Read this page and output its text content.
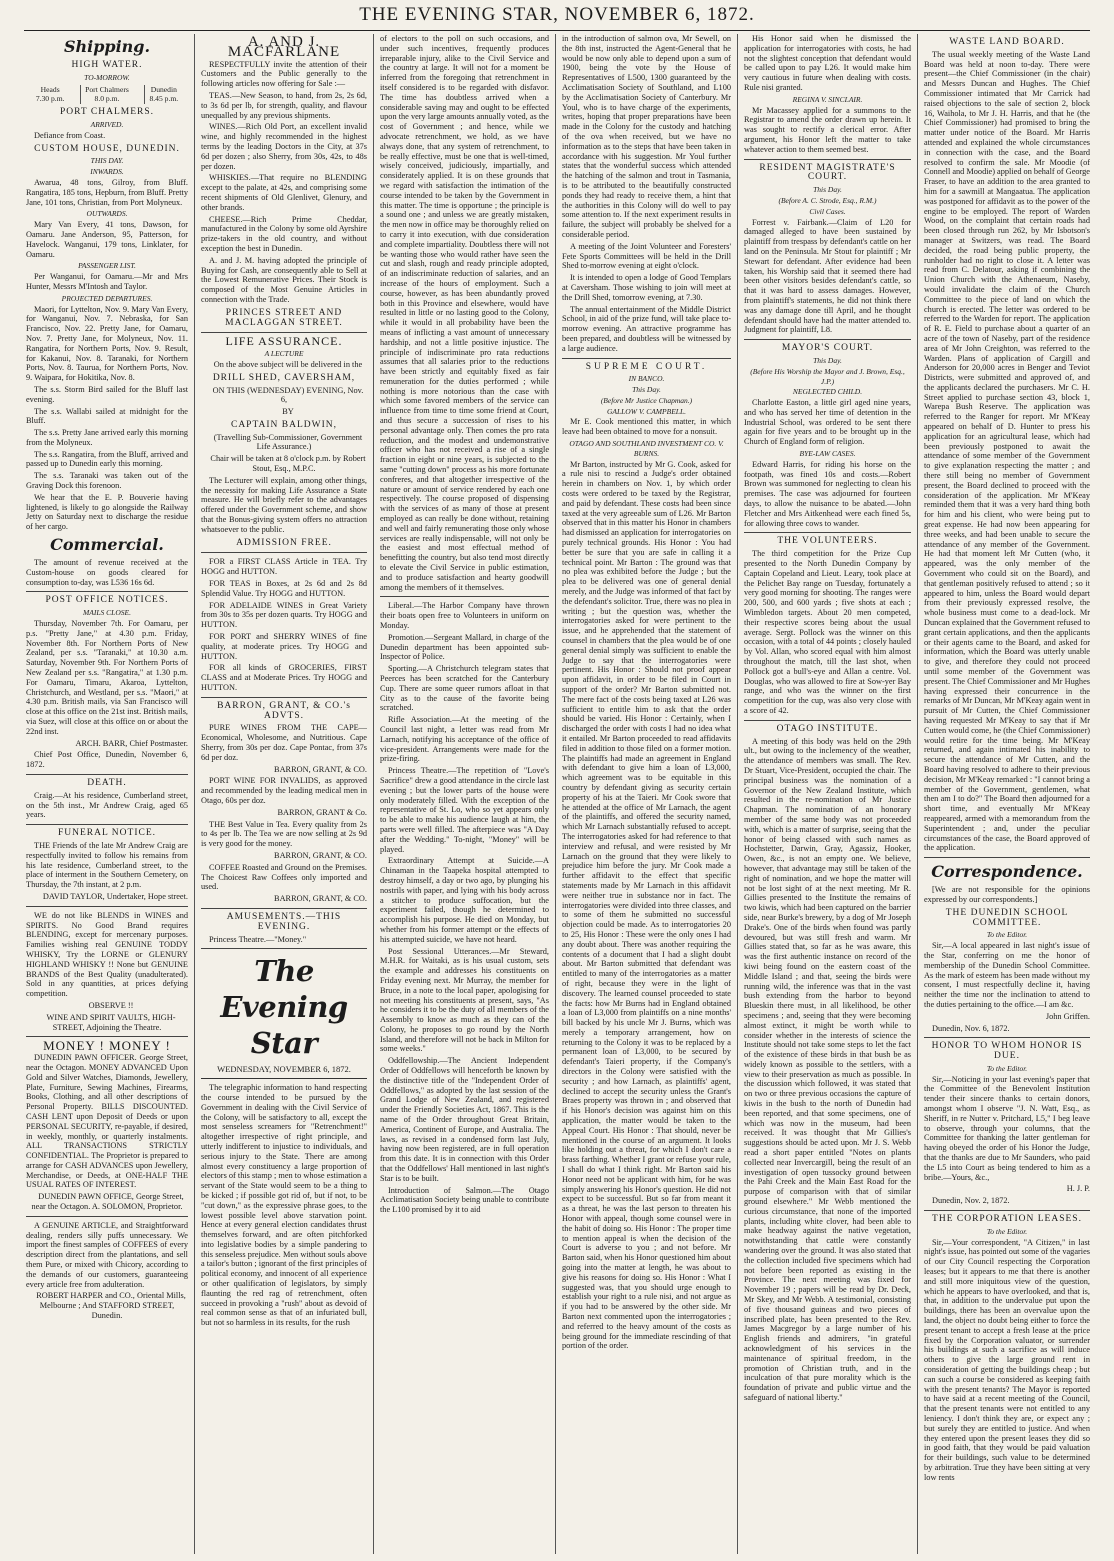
THE EVENING STAR, NOVEMBER 6, 1872.
Shipping.
HIGH WATER.
TO-MORROW.
Heads
7.30 p.m.
Port Chalmers
8.0 p.m.
Dunedin
8.45 p.m.
PORT CHALMERS.
ARRIVED.

Defiance from Coast.

CUSTOM HOUSE, DUNEDIN.
THIS DAY.
INWARDS.

Awarua, 48 tons, Gilroy, from Bluff. Rangatira, 185 tons, Hepburn, from Bluff. Pretty Jane, 101 tons, Christian, from Port Molyneux.

OUTWARDS.

Mary Van Every, 41 tons, Dawson, for Oamaru. Jane Anderson, 95, Patterson, for Havelock. Wanganui, 179 tons, Linklater, for Oamaru.

PASSENGER LIST.

Per Wanganui, for Oamaru.—Mr and Mrs Hunter, Messrs M'Intosh and Taylor.

PROJECTED DEPARTURES.

Maori, for Lyttelton, Nov. 9. Mary Van Every, for Wanganui, Nov. 7. Nebraska, for San Francisco, Nov. 22. Pretty Jane, for Oamaru, Nov. 7. Pretty Jane, for Molyneux, Nov. 11. Rangatira, for Northern Ports, Nov. 9. Result, for Kakanui, Nov. 8. Taranaki, for Northern Ports, Nov. 8. Taurua, for Northern Ports, Nov. 9. Waipara, for Hokitika, Nov. 8.

The s.s. Storm Bird sailed for the Bluff last evening.

The s.s. Wallabi sailed at midnight for the Bluff.

The s.s. Pretty Jane arrived early this morning from the Molyneux.

The s.s. Rangatira, from the Bluff, arrived and passed up to Dunedin early this morning.

The s.s. Taranaki was taken out of the Graving Dock this forenoon.

We hear that the E. P. Bouverie having lightened, is likely to go alongside the Railway Jetty on Saturday next to discharge the residue of her cargo.

Commercial.

The amount of revenue received at the Custom-house on goods cleared for consumption to-day, was L536 16s 6d.

POST OFFICE NOTICES.
MAILS CLOSE.

Thursday, November 7th. For Oamaru, per p.s. "Pretty Jane," at 4.30 p.m. Friday, November 8th. For Northern Ports of New Zealand, per s.s. "Taranaki," at 10.30 a.m. Saturday, November 9th. For Northern Ports of New Zealand per s.s. "Rangatira," at 1.30 p.m. For Oamaru, Timaru, Akaroa, Lyttelton, Christchurch, and Westland, per s.s. "Maori," at 4.30 p.m. British mails, via San Francisco will close at this office on the 21st inst. British mails, via Suez, will close at this office on or about the 22nd inst.

ARCH. BARR, Chief Postmaster.

Chief Post Office, Dunedin, November 6, 1872.

DEATH.

Craig.—At his residence, Cumberland street, on the 5th inst., Mr Andrew Craig, aged 65 years.

FUNERAL NOTICE.

THE Friends of the late Mr Andrew Craig are respectfully invited to follow his remains from his late residence, Cumberland street, to the place of interment in the Southern Cemetery, on Thursday, the 7th instant, at 2 p.m.

DAVID TAYLOR, Undertaker, Hope street.

WE do not like BLENDS in WINES and SPIRITS. No Good Brand requires BLENDING, except for mercenary purposes. Families wishing real GENUINE TODDY WHISKY, Try the LORNE or GLENURY HIGHLAND WHISKY !! None but GENUINE BRANDS of the Best Quality (unadulterated). Sold in any quantities, at prices defying competition.

OBSERVE !!

WINE AND SPIRIT VAULTS, HIGH-STREET, Adjoining the Theatre.

MONEY ! MONEY !

DUNEDIN PAWN OFFICER. George Street, near the Octagon. MONEY ADVANCED Upon Gold and Silver Watches, Diamonds, Jewellery, Plate, Furniture, Sewing Machines, Firearms, Books, Clothing, and all other descriptions of Personal Property. BILLS DISCOUNTED. CASH LENT upon Deposit of Deeds or upon PERSONAL SECURITY, re-payable, if desired, in weekly, monthly, or quarterly instalments. ALL TRANSACTIONS STRICTLY CONFIDENTIAL. The Proprietor is prepared to arrange for CASH ADVANCES upon Jewellery, Merchandise, or Deeds, at ONE-HALF THE USUAL RATES OF INTEREST.

DUNEDIN PAWN OFFICE, George Street, near the Octagon. A. SOLOMON, Proprietor.

A GENUINE ARTICLE, and Straightforward dealing, renders silly puffs unnecessary. We import the finest samples of COFFEES of every description direct from the plantations, and sell them Pure, or mixed with Chicory, according to the demands of our customers, guaranteeing every article free from adulteration.

ROBERT HARPER and CO., Oriental Mills, Melbourne ; And STAFFORD STREET, Dunedin.

A. AND J. MACFARLANE

RESPECTFULLY invite the attention of their Customers and the Public generally to the following articles now offering for Sale :—

TEAS.—New Season, to hand, from 2s, 2s 6d, to 3s 6d per lb, for strength, quality, and flavour unequalled by any previous shipments.

WINES.—Rich Old Port, an excellent invalid wine, and highly recommended in the highest terms by the leading Doctors in the City, at 37s 6d per dozen ; also Sherry, from 30s, 42s, to 48s per dozen.

WHISKIES.—That require no BLENDING except to the palate, at 42s, and comprising some recent shipments of Old Glenlivet, Glenury, and other brands.

CHEESE.—Rich Prime Cheddar, manufactured in the Colony by some old Ayrshire prize-takers in the old country, and without exception the best in Dunedin.

A. and J. M. having adopted the principle of Buying for Cash, are consequently able to Sell at the Lowest Remunerative Prices. Their Stock is composed of the Most Genuine Articles in connection with the Trade.

PRINCES STREET AND MACLAGGAN STREET.
LIFE ASSURANCE.
A LECTURE

On the above subject will be delivered in the

DRILL SHED, CAVERSHAM,

ON THIS (WEDNESDAY) EVENING, Nov. 6,

BY

CAPTAIN BALDWIN,

(Travelling Sub-Commissioner, Government Life Assurance.)

Chair will be taken at 8 o'clock p.m. by Robert Stout, Esq., M.P.C.

The Lecturer will explain, among other things, the necessity for making Life Assurance a State measure. He will briefly refer to the advantages offered under the Government scheme, and show that the Bonus-giving system offers no attraction whatsoever to the public.

ADMISSION FREE.

FOR a FIRST CLASS Article in TEA. Try HOGG and HUTTON.

FOR TEAS in Boxes, at 2s 6d and 2s 8d Splendid Value. Try HOGG and HUTTON.

FOR ADELAIDE WINES in Great Variety from 30s to 35s per dozen quarts. Try HOGG and HUTTON.

FOR PORT and SHERRY WINES of fine quality, at moderate prices. Try HOGG and HUTTON.

FOR all kinds of GROCERIES, FIRST CLASS and at Moderate Prices. Try HOGG and HUTTON.

BARRON, GRANT, & CO.'s ADVTS.

PURE WINES FROM THE CAPE—Economical, Wholesome, and Nutritious. Cape Sherry, from 30s per doz. Cape Pontac, from 37s 6d per doz.

BARRON, GRANT, & CO.

PORT WINE FOR INVALIDS, as approved and recommended by the leading medical men in Otago, 60s per doz.

BARRON, GRANT & Co.

THE Best Value in Tea. Every quality from 2s to 4s per lb. The Tea we are now selling at 2s 9d is very good for the money.

BARRON, GRANT, & CO.

COFFEE Roasted and Ground on the Premises. The Choicest Raw Coffees only imported and used.

BARRON, GRANT, & CO.

AMUSEMENTS.—THIS EVENING.

Princess Theatre.—"Money."

The Evening Star
WEDNESDAY, NOVEMBER 6, 1872.

The telegraphic information to hand respecting the course intended to be pursued by the Government in dealing with the Civil Service of the Colony, will be satisfactory to all, except the most senseless screamers for "Retrenchment!" altogether irrespective of right principle, and utterly indifferent to injustice to individuals, and serious injury to the State. There are among almost every constituency a large proportion of electors of this stamp ; men to whose estimation a servant of the State would seem to be a thing to be kicked ; if possible got rid of, but if not, to be "cut down," as the expressive phrase goes, to the lowest possible level above starvation point. Hence at every general election candidates thrust themselves forward, and are often pitchforked into legislative bodies by a simple pandering to this senseless prejudice. Men without souls above a tailor's button ; ignorant of the first principles of political economy, and innocent of all experience or other qualification of legislators, by simply flaunting the red rag of retrenchment, often succeed in provoking a "rush" about as devoid of real common sense as that of an infuriated bull, but not so harmless in its results, for the rush

of electors to the poll on such occasions, and under such incentives, frequently produces irreparable injury, alike to the Civil Service and the country at large. It will not for a moment be inferred from the foregoing that retrenchment in itself considered is to be regarded with disfavor. The time has doubtless arrived when a considerable saving may and ought to be effected upon the very large amounts annually voted, as the cost of Government ; and hence, while we advocate retrenchment, we hold, as we have always done, that any system of retrenchment, to be really effective, must be one that is well-timed, wisely conceived, judiciously, impartially, and considerately applied. It is on these grounds that we regard with satisfaction the intimation of the course intended to be taken by the Government in this matter. The time is opportune ; the principle is a sound one ; and unless we are greatly mistaken, the men now in office may be thoroughly relied on to carry it into execution, with due consideration and complete impartiality. Doubtless there will not be wanting those who would rather have seen the cut and slash, rough and ready principle adopted, of an indiscriminate reduction of salaries, and an increase of the hours of employment. Such a course, however, as has been abundantly proved both in this Province and elsewhere, would have resulted in little or no lasting good to the Colony, while it would in all probability have been the means of inflicting a vast amount of unnecessary hardship, and not a little positive injustice. The principle of indiscriminate pro rata reductions assumes that all salaries prior to the reductions have been strictly and equitably fixed as fair remuneration for the duties performed ; while nothing is more notorious than the case with which some favored members of the service can influence from time to time some friend at Court, and thus secure a succession of rises to his personal advantage only. Then comes the pro rata reduction, and the modest and undemonstrative officer who has not received a rise of a single fraction in eight or nine years, is subjected to the same "cutting down" process as his more fortunate confreres, and that altogether irrespective of the nature or amount of service rendered by each one respectively. The course proposed of dispensing with the services of as many of those at present employed as can really be done without, retaining and well and fairly remunerating those only whose services are really indispensable, will not only be the easiest and most effectual method of benefitting the country, but also tend most directly to elevate the Civil Service in public estimation, and to produce satisfaction and hearty goodwill among the members of it themselves.

Liberal.—The Harbor Company have thrown their boats open free to Volunteers in uniform on Monday.

Promotion.—Sergeant Mallard, in charge of the Dunedin department has been appointed sub-Inspector of Police.

Sporting.—A Christchurch telegram states that Peerces has been scratched for the Canterbury Cup. There are some queer rumors afloat in that City as to the cause of the favorite being scratched.

Rifle Association.—At the meeting of the Council last night, a letter was read from Mr Larnach, notifying his acceptance of the office of vice-president. Arrangements were made for the prize-firing.

Princess Theatre.—The repetition of "Love's Sacrifice" drew a good attendance in the circle last evening ; but the lower parts of the house were only moderately filled. With the exception of the representative of St. Lo, who so yet appears only to be able to make his audience laugh at him, the parts were well filled. The afterpiece was "A Day after the Wedding." To-night, "Money" will be played.

Extraordinary Attempt at Suicide.—A Chinaman in the Taapeka hospital attempted to destroy himself, a day or two ago, by plunging his nostrils with paper, and lying with his body across a stitcher to produce suffocation, but the experiment failed, though he determined to accomplish his purpose. He died on Monday, but whether from his former attempt or the effects of his attempted suicide, we have not heard.

Post Sessional Utterances.—Mr Steward, M.H.R. for Waitaki, as is his usual custom, sets the example and addresses his constituents on Friday evening next. Mr Murray, the member for Bruce, in a note to the local paper, apologising for not meeting his constituents at present, says, "As he considers it to be the duty of all members of the Assembly to know as much as they can of the Colony, he proposes to go round by the North Island, and therefore will not be back in Milton for some weeks."

Oddfellowship.—The Ancient Independent Order of Oddfellows will henceforth be known by the distinctive title of the "Independent Order of Oddfellows," as adopted by the last session of the Grand Lodge of New Zealand, and registered under the Friendly Societies Act, 1867. This is the name of the Order throughout Great Britain, America, Continent of Europe, and Australia. The laws, as revised in a condensed form last July, having now been registered, are in full operation from this date. It is in connection with this Order that the Oddfellows' Hall mentioned in last night's Star is to be built.

Introduction of Salmon.—The Otago Acclimatisation Society being unable to contribute the L100 promised by it to aid

in the introduction of salmon ova, Mr Sewell, on the 8th inst, instructed the Agent-General that he would be now only able to depend upon a sum of 1900, being the vote by the House of Representatives of L500, 1300 guaranteed by the Acclimatisation Society of Southland, and L100 by the Acclimatisation Society of Canterbury. Mr Youl, who is to have charge of the experiments, writes, hoping that proper preparations have been made in the Colony for the custody and hatching of the ova when received, but we have no information as to the steps that have been taken in accordance with his suggestion. Mr Youl further states that the wonderful success which attended the hatching of the salmon and trout in Tasmania, is to be attributed to the beautifully constructed ponds they had ready to receive them, a hint that the authorities in this Colony will do well to pay some attention to. If the next experiment results in failure, the subject will probably be shelved for a considerable period.

A meeting of the Joint Volunteer and Foresters' Fete Sports Committees will be held in the Drill Shed to-morrow evening at eight o'clock.

It is intended to open a lodge of Good Templars at Caversham. Those wishing to join will meet at the Drill Shed, tomorrow evening, at 7.30.

The annual entertainment of the Middle District School, in aid of the prize fund, will take place to-morrow evening. An attractive programme has been prepared, and doubtless will be witnessed by a large audience.

SUPREME COURT.
IN BANCO.
This Day.
(Before Mr Justice Chapman.)
GALLOW V. CAMPBELL.

Mr E. Cook mentioned this matter, in which leave had been obtained to move for a nonsuit.

OTAGO AND SOUTHLAND INVESTMENT CO. V. BURNS.

Mr Barton, instructed by Mr G. Cook, asked for a rule nisi to rescind a Judge's order obtained herein in chambers on Nov. 1, by which order costs were ordered to be taxed by the Registrar, and paid by defendant. These costs had been since taxed at the very agreeable sum of L26. Mr Barton observed that in this matter his Honor in chambers had dismissed an application for interrogatories on purely technical grounds. His Honor : You had better be sure that you are safe in calling it a technical point. Mr Barton : The ground was that no plea was exhibited before the Judge ; but the plea to be delivered was one of general denial merely, and the Judge was informed of that fact by the defendant's solicitor. True, there was no plea in writing ; but the question was, whether the interrogatories asked for were pertinent to the issue, and he apprehended that the statement of counsel in chambers that the plea would be of one general denial simply was sufficient to enable the Judge to say that the interrogatories were pertinent. His Honor : Should not proof appear upon affidavit, in order to be filed in Court in support of the order? Mr Barton submitted not. The mere fact of the costs being taxed at L26 was sufficient to entitle him to ask that the order should be varied. His Honor : Certainly, when I discharged the order with costs I had no idea what it entailed. Mr Barton proceeded to read affidavits filed in addition to those filed on a former motion. The plaintiffs had made an agreement in England with defendant to give him a loan of L3,000, which agreement was to be equitable in this country by defendant giving as security certain property of his at the Taieri. Mr Cook swore that he attended at the office of Mr Larnach, the agent of the plaintiffs, and offered the security named, which Mr Larnach substantially refused to accept. The interrogatories asked for had reference to that interview and refusal, and were resisted by Mr Larnach on the ground that they were likely to prejudice him before the jury. Mr Cook made a further affidavit to the effect that specific statements made by Mr Larnach in this affidavit were neither true in substance nor in fact. The interrogatories were divided into three classes, and to some of them he submitted no successful objection could be made. As to interrogatories 20 to 25, His Honor : These were the only ones I had any doubt about. There was another requiring the contents of a document that I had a slight doubt about. Mr Barton submitted that defendant was entitled to many of the interrogatories as a matter of right, because they were in the light of discovery. The learned counsel proceeded to state the facts: how Mr Burns had in England obtained a loan of L3,000 from plaintiffs on a nine months' bill backed by his uncle Mr J. Burns, which was merely a temporary arrangement, how on returning to the Colony it was to be replaced by a permanent loan of L3,000, to be secured by defendant's Taieri property, if the Company's directors in the Colony were satisfied with the security ; and how Larnach, as plaintiffs' agent, declined to accept the security unless the Grant's Braes property was thrown in ; and observed that if his Honor's decision was against him on this application, the matter would be taken to the Appeal Court. His Honor : That should, never be mentioned in the course of an argument. It looks like holding out a threat, for which I don't care a brass farthing. Whether I grant or refuse your rule, I shall do what I think right. Mr Barton said his Honor need not be applicant with him, for he was simply answering his Honor's question. He did not expect to be successful. But so far from meant it as a threat, he was the last person to threaten his Honor with appeal, though some counsel were in the habit of doing so. His Honor : The proper time to mention appeal is when the decision of the Court is adverse to you ; and not before. Mr Barton said, when his Honor questioned him about going into the matter at length, he was about to give his reasons for doing so. His Honor : What I suggested was, that you should urge enough to establish your right to a rule nisi, and not argue as if you had to be answered by the other side. Mr Barton next commented upon the interrogatories ; and referred to the heavy amount of the costs as being ground for the immediate rescinding of that portion of the order.

His Honor said when he dismissed the application for interrogatories with costs, he had not the slightest conception that defendant would be called upon to pay L26. It would make him very cautious in future when dealing with costs. Rule nisi granted.

REGINA V. SINCLAIR.

Mr Macassey applied for a summons to the Registrar to amend the order drawn up herein. It was sought to rectify a clerical error. After argument, his Honor left the matter to take whatever action to them seemed best.

RESIDENT MAGISTRATE'S COURT.
This Day.
(Before A. C. Strode, Esq., R.M.)
Civil Cases.

Forrest v. Fairbank.—Claim of L20 for damaged alleged to have been sustained by plaintiff from trespass by defendant's cattle on her land on the Peninsula. Mr Stout for plaintiff ; Mr Stewart for defendant. After evidence had been taken, his Worship said that it seemed there had been other visitors besides defendant's cattle, so that it was hard to assess damages. However, from plaintiff's statements, he did not think there was any damage done till April, and he thought defendant should have had the matter attended to. Judgment for plaintiff, L8.

MAYOR'S COURT.
This Day.
(Before His Worship the Mayor and J. Brown, Esq., J.P.)
NEGLECTED CHILD.

Charlotte Easton, a little girl aged nine years, and who has served her time of detention in the Industrial School, was ordered to be sent there again for five years and to be brought up in the Church of England form of religion.

BYE-LAW CASES.

Edward Harris, for riding his horse on the footpath, was fined 10s and costs.—Robert Brown was summoned for neglecting to clean his premises. The case was adjourned for fourteen days, to allow the nuisance to be abated.—John Fletcher and Mrs Aitkenhead were each fined 5s, for allowing three cows to wander.

THE VOLUNTEERS.

The third competition for the Prize Cup presented to the North Dunedin Company by Captain Copeland and Lieut. Leary, took place at the Pelichet Bay range on Tuesday, fortunately a very good morning for shooting. The ranges were 200, 500, and 600 yards ; five shots at each ; Wimbledon targets. About 20 men competed, their respective scores being about the usual average. Sergt. Pollock was the winner on this occasion, with a total of 44 points ; closely hauled by Vol. Allan, who scored equal with him almost throughout the match, till the last shot, when Pollock got a bull's-eye and Allan a centre. Vol. Douglas, who was allowed to fire at Sow-yer Bay range, and who was the winner on the first competition for the cup, was also very close with a score of 42.

OTAGO INSTITUTE.

A meeting of this body was held on the 29th ult., but owing to the inclemency of the weather, the attendance of members was small. The Rev. Dr Stuart, Vice-President, occupied the chair. The principal business was the nomination of a Governor of the New Zealand Institute, which resulted in the re-nomination of Mr Justice Chapman. The nomination of an honorary member of the same body was not proceeded with, which is a matter of surprise, seeing that the honor of being classed with such names as Hochstetter, Darwin, Gray, Agassiz, Hooker, Owen, &c., is not an empty one. We believe, however, that advantage may still be taken of the right of nomination, and we hope the matter will not be lost sight of at the next meeting. Mr R. Gillies presented to the Institute the remains of two kiwis, which had been captured on the barrier side, near Burke's brewery, by a dog of Mr Joseph Drake's. One of the birds when found was partly devoured, but was still fresh and warm. Mr Gillies stated that, so far as he was aware, this was the first authentic instance on record of the kiwi being found on the eastern coast of the Middle Island ; and that, seeing the birds were running wild, the inference was that in the vast bush extending from the harbor to beyond Blueskin there must, in all likelihood, be other specimens ; and, seeing that they were becoming almost extinct, it might be worth while to consider whether in the interests of science the Institute should not take some steps to let the fact of the existence of these birds in that bush be as widely known as possible to the settlers, with a view to their preservation as much as possible. In the discussion which followed, it was stated that on two or three previous occasions the capture of kiwis in the bush to the north of Dunedin had been reported, and that some specimens, one of which was now in the museum, had been received. It was thought that Mr Gillies's suggestions should be acted upon. Mr J. S. Webb read a short paper entitled "Notes on plants collected near Invercargill, being the result of an investigation of open tussocky ground between the Pahi Creek and the Main East Road for the purpose of comparison with that of similar ground elsewhere." Mr Webb mentioned the curious circumstance, that none of the imported plants, including white clover, had been able to make headway against the native vegetation, notwithstanding that cattle were constantly wandering over the ground. It was also stated that the collection included five specimens which had not before been reported as existing in the Province. The next meeting was fixed for November 19 ; papers will be read by Dr. Deck, Mr Skey, and Mr Webb. A testimonial, consisting of five thousand guineas and two pieces of inscribed plate, has been presented to the Rev. James Macgregor by a large number of his English friends and admirers, "in grateful acknowledgment of his services in the maintenance of spiritual freedom, in the promotion of Christian truth, and in the inculcation of that pure morality which is the foundation of private and public virtue and the safeguard of national liberty."

WASTE LAND BOARD.

The usual weekly meeting of the Waste Land Board was held at noon to-day. There were present—the Chief Commissioner (in the chair) and Messrs Duncan and Hughes. The Chief Commissioner intimated that Mr Carrick had raised objections to the sale of section 2, block 16, Waihola, to Mr J. H. Harris, and that he (the Chief Commissioner) had promised to bring the matter under notice of the Board. Mr Harris attended and explained the whole circumstances in connection with the case, and the Board resolved to confirm the sale. Mr Moodie (of Connell and Moodie) applied on behalf of George Fraser, to have an addition to the area granted to him for a sawmill at Mangaatua. The application was postponed for affidavit as to the power of the engine to be employed. The report of Warden Wood, on the complaint that certain roads had been closed through run 262, by Mr Isbotson's manager at Switzers, was read. The Board decided, the road being public property, the runholder had no right to close it. A letter was read from C. Delatour, asking if combining the Union Church with the Athenaeum, Naseby, would invalidate the claim of the Church Committee to the piece of land on which the church is erected. The letter was ordered to be referred to the Warden for report. The application of R. E. Field to purchase about a quarter of an acre of the town of Naseby, part of the residence area of Mr John Creighton, was referred to the Warden. Plans of application of Cargill and Anderson for 20,000 acres in Benger and Teviot Districts, were submitted and approved of, and the applicants declared the purchasers. Mr C. H. Street applied to purchase section 43, block 1, Warepa Bush Reserve. The application was referred to the Ranger for report. Mr M'Keay appeared on behalf of D. Hunter to press his application for an agricultural lease, which had been previously postponed to await the attendance of some member of the Government to give explanation respecting the matter ; and there still being no member of Government present, the Board declined to proceed with the consideration of the application. Mr M'Keay reminded them that it was a very hard thing both for him and his client, who were being put to great expense. He had now been appearing for three weeks, and had been unable to secure the attendance of any member of the Government. He had that moment left Mr Cutten (who, it appeared, was the only member of the Government who could sit on the Board), and that gentleman positively refused to attend ; so it appeared to him, unless the Board would depart from their previously expressed resolve, the whole business must come to a dead-lock. Mr Duncan explained that the Government refused to grant certain applications, and then the applicants or their agents came to the Board, and asked for information, which the Board was utterly unable to give, and therefore they could not proceed until some member of the Government was present. The Chief Commissioner and Mr Hughes having expressed their concurrence in the remarks of Mr Duncan, Mr M'Keay again went in pursuit of Mr Cutten, the Chief Commissioner having requested Mr M'Keay to say that if Mr Cutten would come, he (the Chief Commissioner) would retire for the time being. Mr M'Keay returned, and again intimated his inability to secure the attendance of Mr Cutten, and the Board having resolved to adhere to their previous decision, Mr M'Keay remarked : "I cannot bring a member of the Government, gentlemen, what then am I to do?" The Board then adjourned for a short time, and eventually Mr M'Keay reappeared, armed with a memorandum from the Superintendent ; and, under the peculiar circumstances of the case, the Board approved of the application.

Correspondence.

[We are not responsible for the opinions expressed by our correspondents.]

THE DUNEDIN SCHOOL COMMITTEE.
To the Editor.

Sir,—A local appeared in last night's issue of the Star, conferring on me the honor of membership of the Dunedin School Committee. As the mark of esteem has been made without my consent, I must respectfully decline it, having neither the time nor the inclination to attend to the duties pertaining to the office.—I am &c.

John Griffen.

Dunedin, Nov. 6, 1872.

HONOR TO WHOM HONOR IS DUE.
To the Editor.

Sir,—Noticing in your last evening's paper that the Committee of the Benevolent Institution tender their sincere thanks to certain donors, amongst whom I observe "J. N. Watt, Esq., as Sheriff, in re Nutter v. Pritchard, L5," I beg leave to observe, through your columns, that the Committee for thanking the latter gentleman for having obeyed the order of his Honor the Judge, that the thanks are due to Mr Saunders, who paid the L5 into Court as being tendered to him as a bribe.—Yours, &c.,

H. J. P.

Dunedin, Nov. 2, 1872.

THE CORPORATION LEASES.
To the Editor.

Sir,—Your correspondent, "A Citizen," in last night's issue, has pointed out some of the vagaries of our City Council respecting the Corporation leases; but it appears to me that there is another and still more iniquitous view of the question, which he appears to have overlooked, and that is, that, in addition to the undervalue put upon the buildings, there has been an overvalue upon the land, the object no doubt being either to force the present tenant to accept a fresh lease at the price fixed by the Corporation valuator, or surrender his buildings at such a sacrifice as will induce others to give the large ground rent in consideration of getting the buildings cheap ; but can such a course be considered as keeping faith with the present tenants? The Mayor is reported to have said at a recent meeting of the Council, that the present tenants were not entitled to any leniency. I don't think they are, or expect any ; but surely they are entitled to justice. And when they entered upon the present leases they did so in good faith, that they would be paid valuation for their buildings, such value to be determined by arbitration. True they have been sitting at very low rents
